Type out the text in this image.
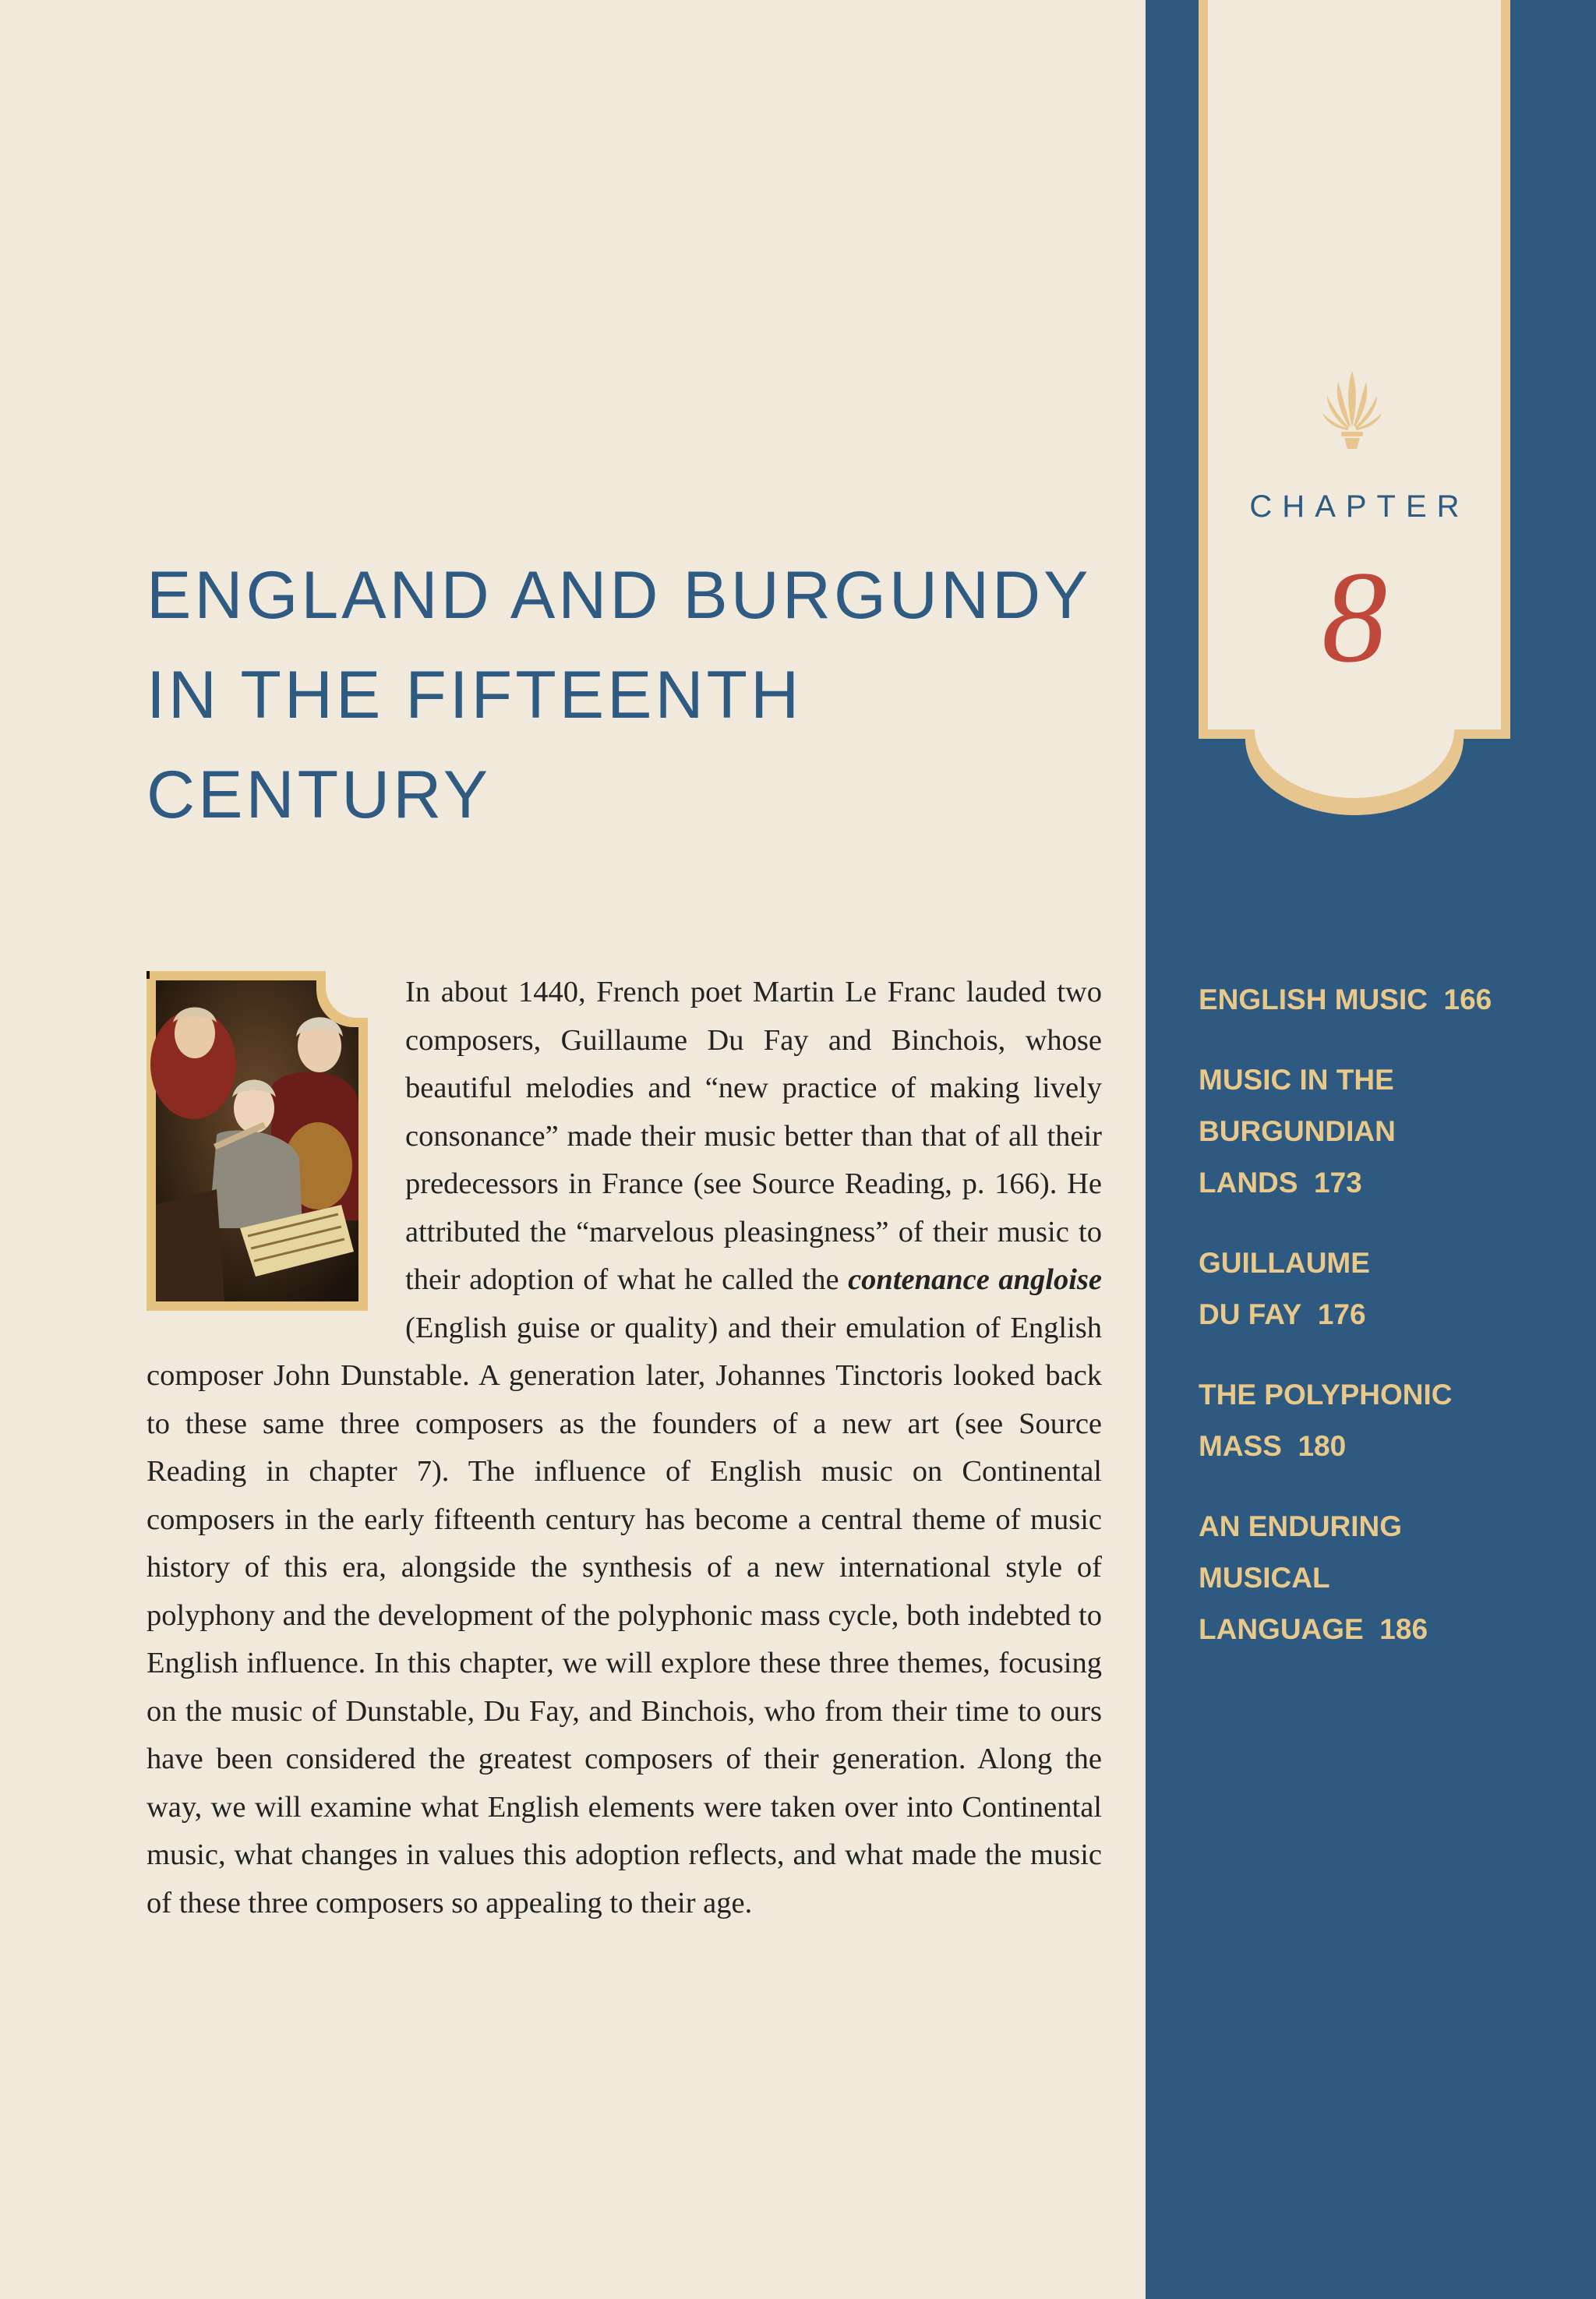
CHAPTER
8
ENGLAND AND BURGUNDY
IN THE FIFTEENTH
CENTURY

In about 1440, French poet Martin Le Franc lauded two composers, Guillaume Du Fay and Binchois, whose beautiful melodies and “new practice of making lively consonance” made their music better than that of all their predecessors in France (see Source Reading, p. 166). He attributed the “marvelous pleasingness” of their music to their adoption of what he called the contenance angloise (English guise or quality) and their emulation of English composer John Dunstable. A generation later, Johannes Tinctoris looked back to these same three composers as the founders of a new art (see Source Reading in chapter 7). The influence of English music on Continental composers in the early fifteenth century has become a central theme of music history of this era, alongside the synthesis of a new international style of polyphony and the development of the polyphonic mass cycle, both indebted to English influence. In this chapter, we will explore these three themes, focusing on the music of Dunstable, Du Fay, and Binchois, who from their time to ours have been considered the greatest composers of their generation. Along the way, we will examine what English elements were taken over into Continental music, what changes in values this adoption reflects, and what made the music of these three composers so appealing to their age.

ENGLISH MUSIC 166
MUSIC IN THE
BURGUNDIAN
LANDS 173
GUILLAUME
DU FAY 176
THE POLYPHONIC
MASS 180
AN ENDURING
MUSICAL
LANGUAGE 186
